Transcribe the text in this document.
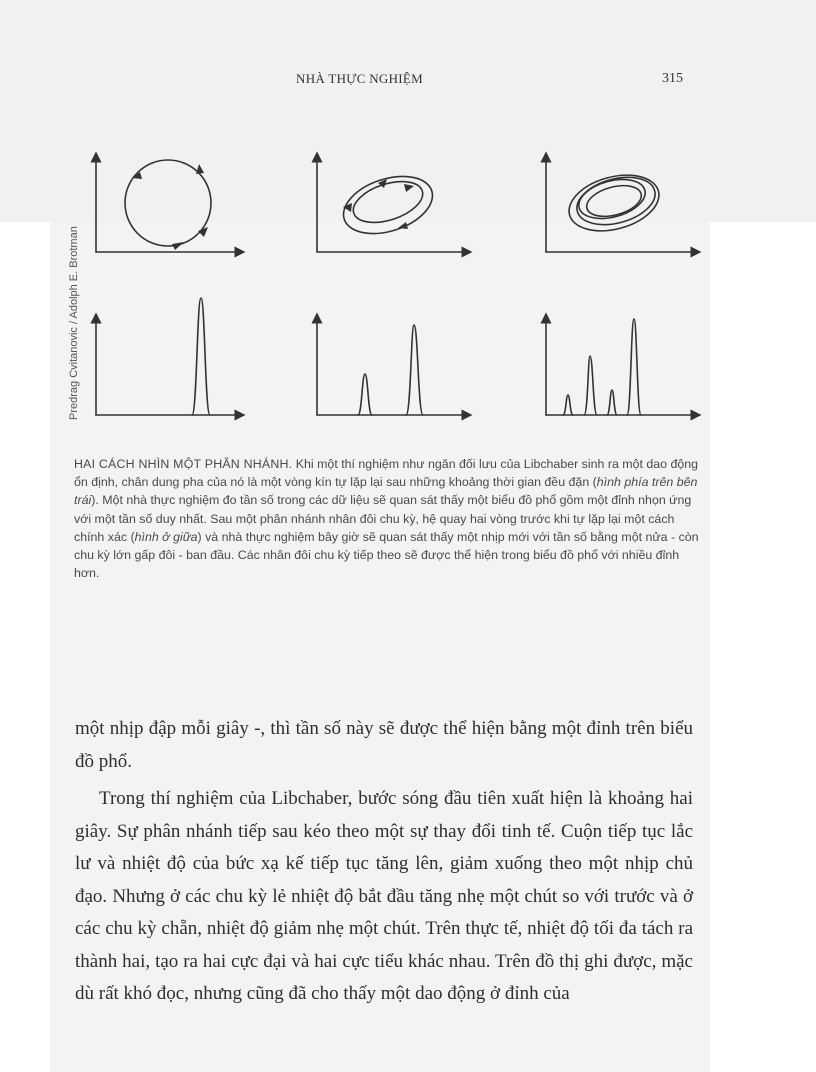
NHÀ THỰC NGHIỆM	315
Predrag Cvitanovic / Adolph E. Brotman

HAI CÁCH NHÌN MỘT PHÂN NHÁNH. Khi một thí nghiệm như ngăn đối lưu của Libchaber sinh ra một dao động ổn định, chân dung pha của nó là một vòng kín tự lặp lại sau những khoảng thời gian đều đặn (hình phía trên bên trái). Một nhà thực nghiệm đo tần số trong các dữ liệu sẽ quan sát thấy một biểu đồ phổ gồm một đỉnh nhọn ứng với một tần số duy nhất. Sau một phân nhánh nhân đôi chu kỳ, hệ quay hai vòng trước khi tự lặp lại một cách chính xác (hình ở giữa) và nhà thực nghiệm bây giờ sẽ quan sát thấy một nhịp mới với tần số bằng một nửa - còn chu kỳ lớn gấp đôi - ban đầu. Các nhân đôi chu kỳ tiếp theo sẽ được thể hiện trong biểu đồ phổ với nhiều đỉnh hơn.

một nhịp đập mỗi giây -, thì tần số này sẽ được thể hiện bằng một đỉnh trên biểu đồ phổ.

Trong thí nghiệm của Libchaber, bước sóng đầu tiên xuất hiện là khoảng hai giây. Sự phân nhánh tiếp sau kéo theo một sự thay đổi tinh tế. Cuộn tiếp tục lắc lư và nhiệt độ của bức xạ kế tiếp tục tăng lên, giảm xuống theo một nhịp chủ đạo. Nhưng ở các chu kỳ lẻ nhiệt độ bắt đầu tăng nhẹ một chút so với trước và ở các chu kỳ chẵn, nhiệt độ giảm nhẹ một chút. Trên thực tế, nhiệt độ tối đa tách ra thành hai, tạo ra hai cực đại và hai cực tiểu khác nhau. Trên đồ thị ghi được, mặc dù rất khó đọc, nhưng cũng đã cho thấy một dao động ở đỉnh của
